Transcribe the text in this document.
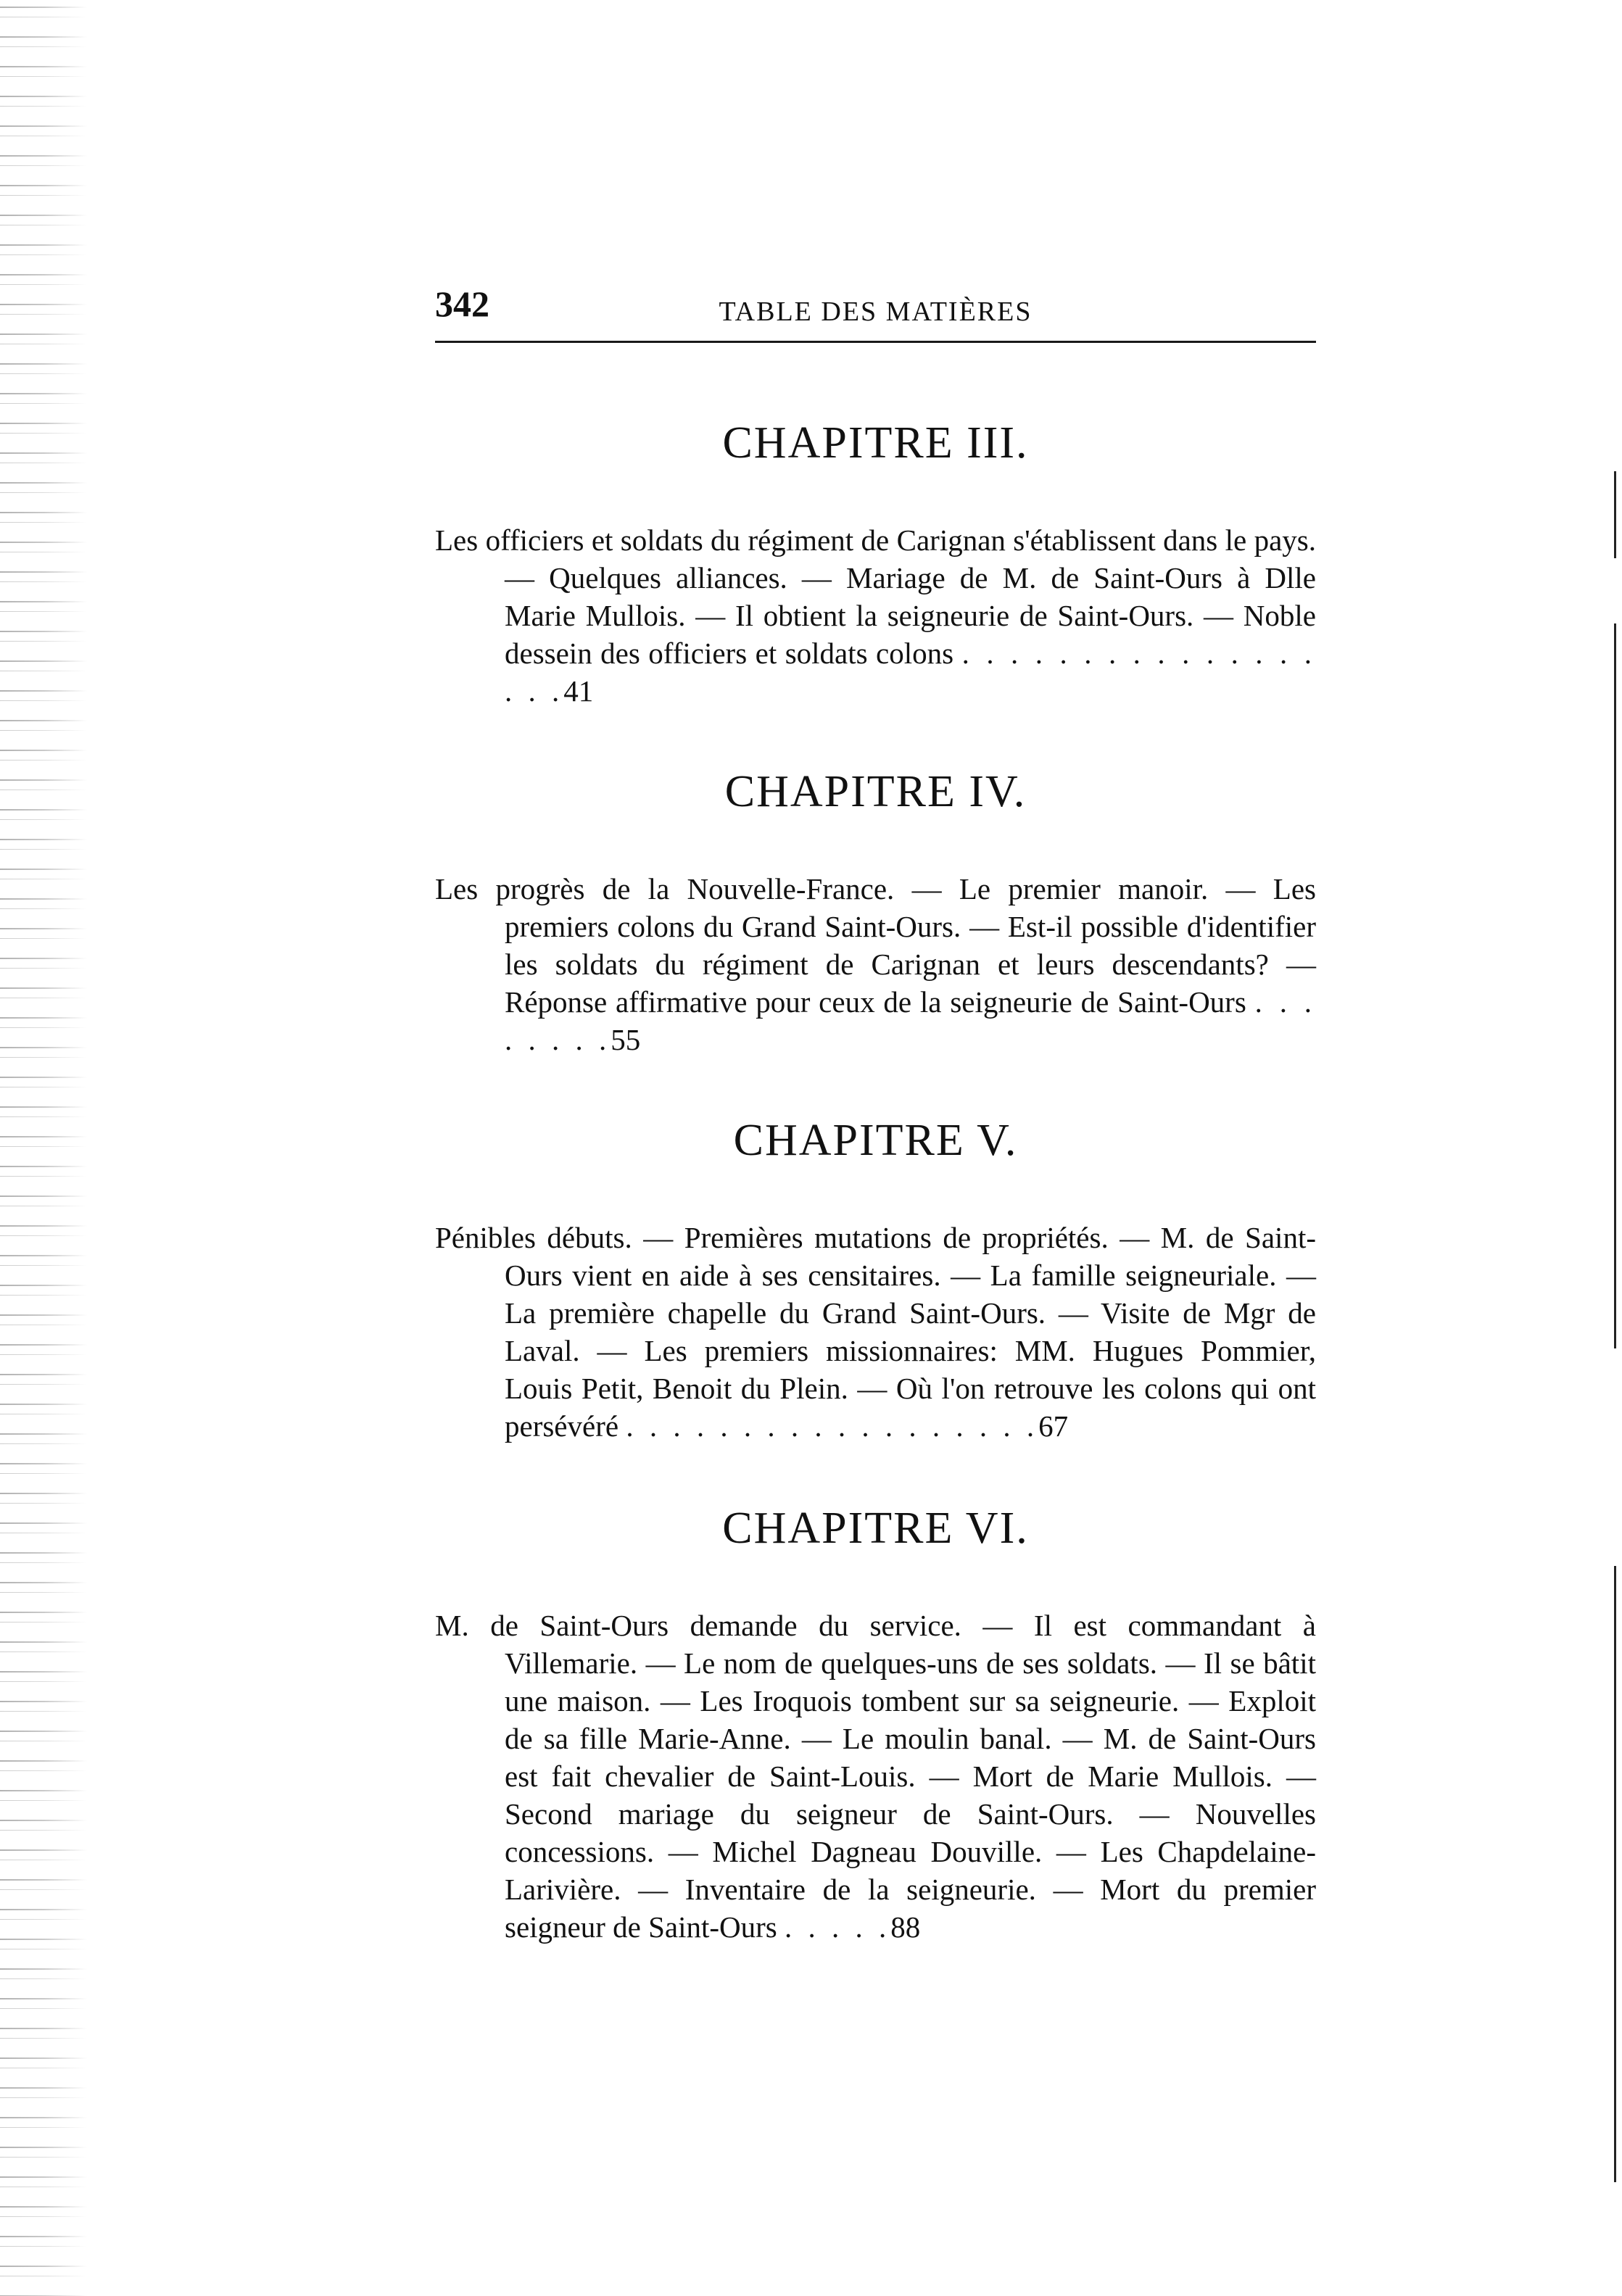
342	TABLE DES MATIÈRES
CHAPITRE III.

Les officiers et soldats du régiment de Carignan s'établissent dans le pays. — Quelques alliances. — Mariage de M. de Saint-Ours à Dlle Marie Mullois. — Il obtient la seigneurie de Saint-Ours. — Noble dessein des officiers et soldats colons . . . . . . . . . . . . . . . . . .41

CHAPITRE IV.

Les progrès de la Nouvelle-France. — Le premier manoir. — Les premiers colons du Grand Saint-Ours. — Est-il possible d'identifier les soldats du régiment de Carignan et leurs descendants? — Réponse affirmative pour ceux de la seigneurie de Saint-Ours . . . . . . . .55

CHAPITRE V.

Pénibles débuts. — Premières mutations de propriétés. — M. de Saint-Ours vient en aide à ses censitaires. — La famille seigneuriale. — La première chapelle du Grand Saint-Ours. — Visite de Mgr de Laval. — Les premiers missionnaires: MM. Hugues Pommier, Louis Petit, Benoit du Plein. — Où l'on retrouve les colons qui ont persévéré . . . . . . . . . . . . . . . . . .67

CHAPITRE VI.

M. de Saint-Ours demande du service. — Il est commandant à Villemarie. — Le nom de quelques-uns de ses soldats. — Il se bâtit une maison. — Les Iroquois tombent sur sa seigneurie. — Exploit de sa fille Marie-Anne. — Le moulin banal. — M. de Saint-Ours est fait chevalier de Saint-Louis. — Mort de Marie Mullois. — Second mariage du seigneur de Saint-Ours. — Nouvelles concessions. — Michel Dagneau Douville. — Les Chapdelaine-Larivière. — Inventaire de la seigneurie. — Mort du premier seigneur de Saint-Ours . . . . .88
